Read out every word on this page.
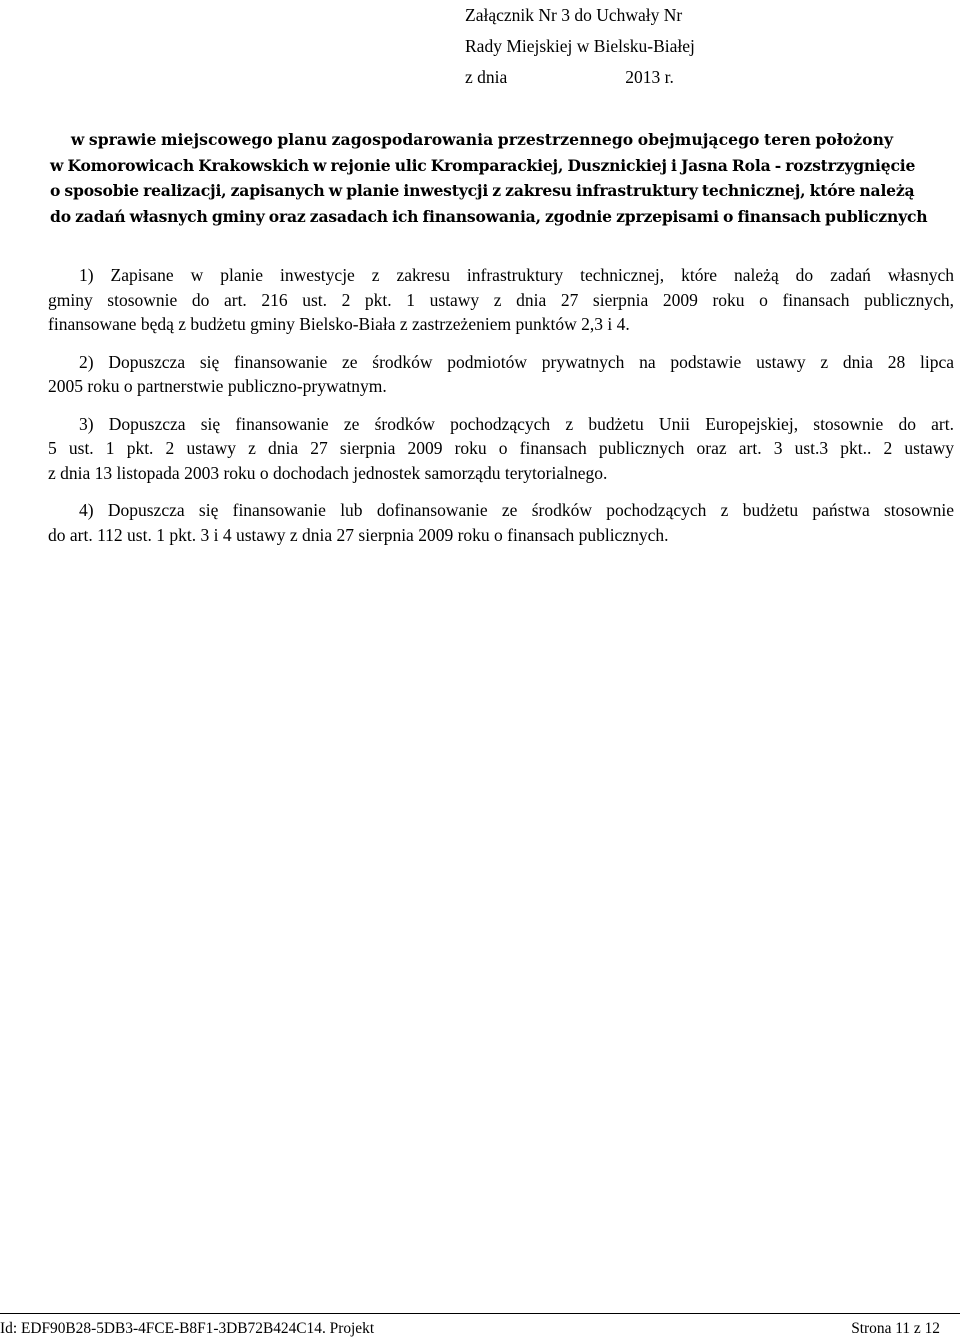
Załącznik Nr 3 do Uchwały Nr
Rady Miejskiej w Bielsku-Białej
z dnia	2013 r.
w sprawie miejscowego planu zagospodarowania przestrzennego obejmującego teren położony
w Komorowicach Krakowskich w rejonie ulic Kromparackiej, Dusznickiej i Jasna Rola - rozstrzygnięcie
o sposobie realizacji, zapisanych w planie inwestycji z zakresu infrastruktury technicznej, które należą
do zadań własnych gminy oraz zasadach ich finansowania, zgodnie zprzepisami o finansach publicznych
1) Zapisane w planie inwestycje z zakresu infrastruktury technicznej, które należą do zadań własnych
gminy stosownie do art. 216 ust. 2 pkt. 1 ustawy z dnia 27 sierpnia 2009 roku o finansach publicznych,
finansowane będą z budżetu gminy Bielsko-Biała z zastrzeżeniem punktów 2,3 i 4.
2) Dopuszcza się finansowanie ze środków podmiotów prywatnych na podstawie ustawy z dnia 28 lipca
2005 roku o partnerstwie publiczno-prywatnym.
3) Dopuszcza się finansowanie ze środków pochodzących z budżetu Unii Europejskiej, stosownie do art.
5 ust. 1 pkt. 2 ustawy z dnia 27 sierpnia 2009 roku o finansach publicznych oraz art. 3 ust.3 pkt.. 2 ustawy
z dnia 13 listopada 2003 roku o dochodach jednostek samorządu terytorialnego.
4) Dopuszcza się finansowanie lub dofinansowanie ze środków pochodzących z budżetu państwa stosownie
do art. 112 ust. 1 pkt. 3 i 4 ustawy z dnia 27 sierpnia 2009 roku o finansach publicznych.
Id: EDF90B28-5DB3-4FCE-B8F1-3DB72B424C14. Projekt	Strona 11 z 12
